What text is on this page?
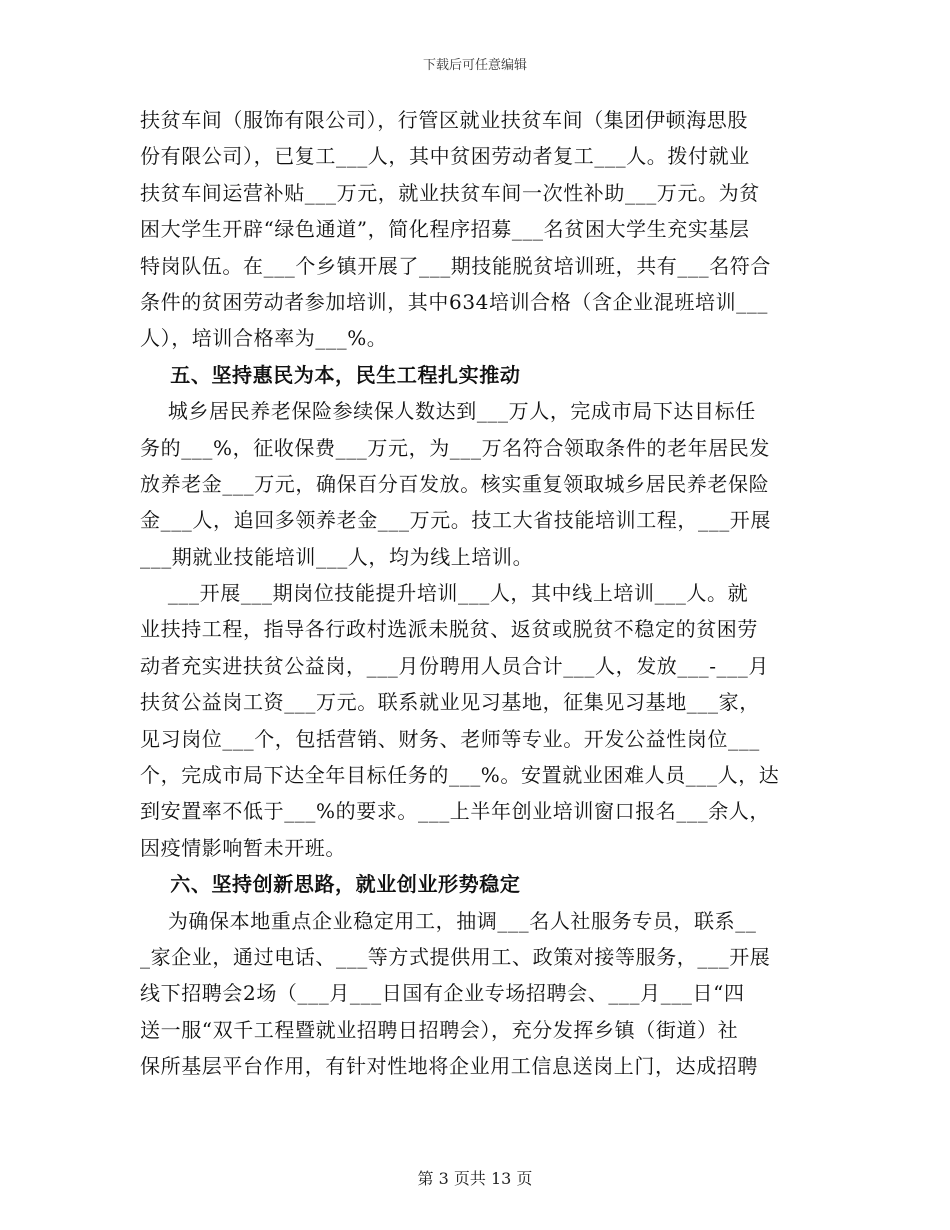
下载后可任意编辑
扶贫车间（服饰有限公司），行管区就业扶贫车间（集团伊顿海思股
份有限公司），已复工___人，其中贫困劳动者复工___人。拨付就业
扶贫车间运营补贴___万元，就业扶贫车间一次性补助___万元。为贫
困大学生开辟“绿色通道”，简化程序招募___名贫困大学生充实基层
特岗队伍。在___个乡镇开展了___期技能脱贫培训班，共有___名符合
条件的贫困劳动者参加培训，其中634培训合格（含企业混班培训___
人），培训合格率为___%。
五、坚持惠民为本，民生工程扎实推动
城乡居民养老保险参续保人数达到___万人，完成市局下达目标任
务的___%，征收保费___万元，为___万名符合领取条件的老年居民发
放养老金___万元，确保百分百发放。核实重复领取城乡居民养老保险
金___人，追回多领养老金___万元。技工大省技能培训工程，___开展
___期就业技能培训___人，均为线上培训。
___开展___期岗位技能提升培训___人，其中线上培训___人。就
业扶持工程，指导各行政村选派未脱贫、返贫或脱贫不稳定的贫困劳
动者充实进扶贫公益岗，___月份聘用人员合计___人，发放___-___月
扶贫公益岗工资___万元。联系就业见习基地，征集见习基地___家，
见习岗位___个，包括营销、财务、老师等专业。开发公益性岗位___
个，完成市局下达全年目标任务的___%。安置就业困难人员___人，达
到安置率不低于___%的要求。___上半年创业培训窗口报名___余人，
因疫情影响暂未开班。
六、坚持创新思路，就业创业形势稳定
为确保本地重点企业稳定用工，抽调___名人社服务专员，联系__
_家企业，通过电话、___等方式提供用工、政策对接等服务，___开展
线下招聘会2场（___月___日国有企业专场招聘会、___月___日“四
送一服“双千工程暨就业招聘日招聘会），充分发挥乡镇（街道）社
保所基层平台作用，有针对性地将企业用工信息送岗上门，达成招聘
第 3 页共 13 页
